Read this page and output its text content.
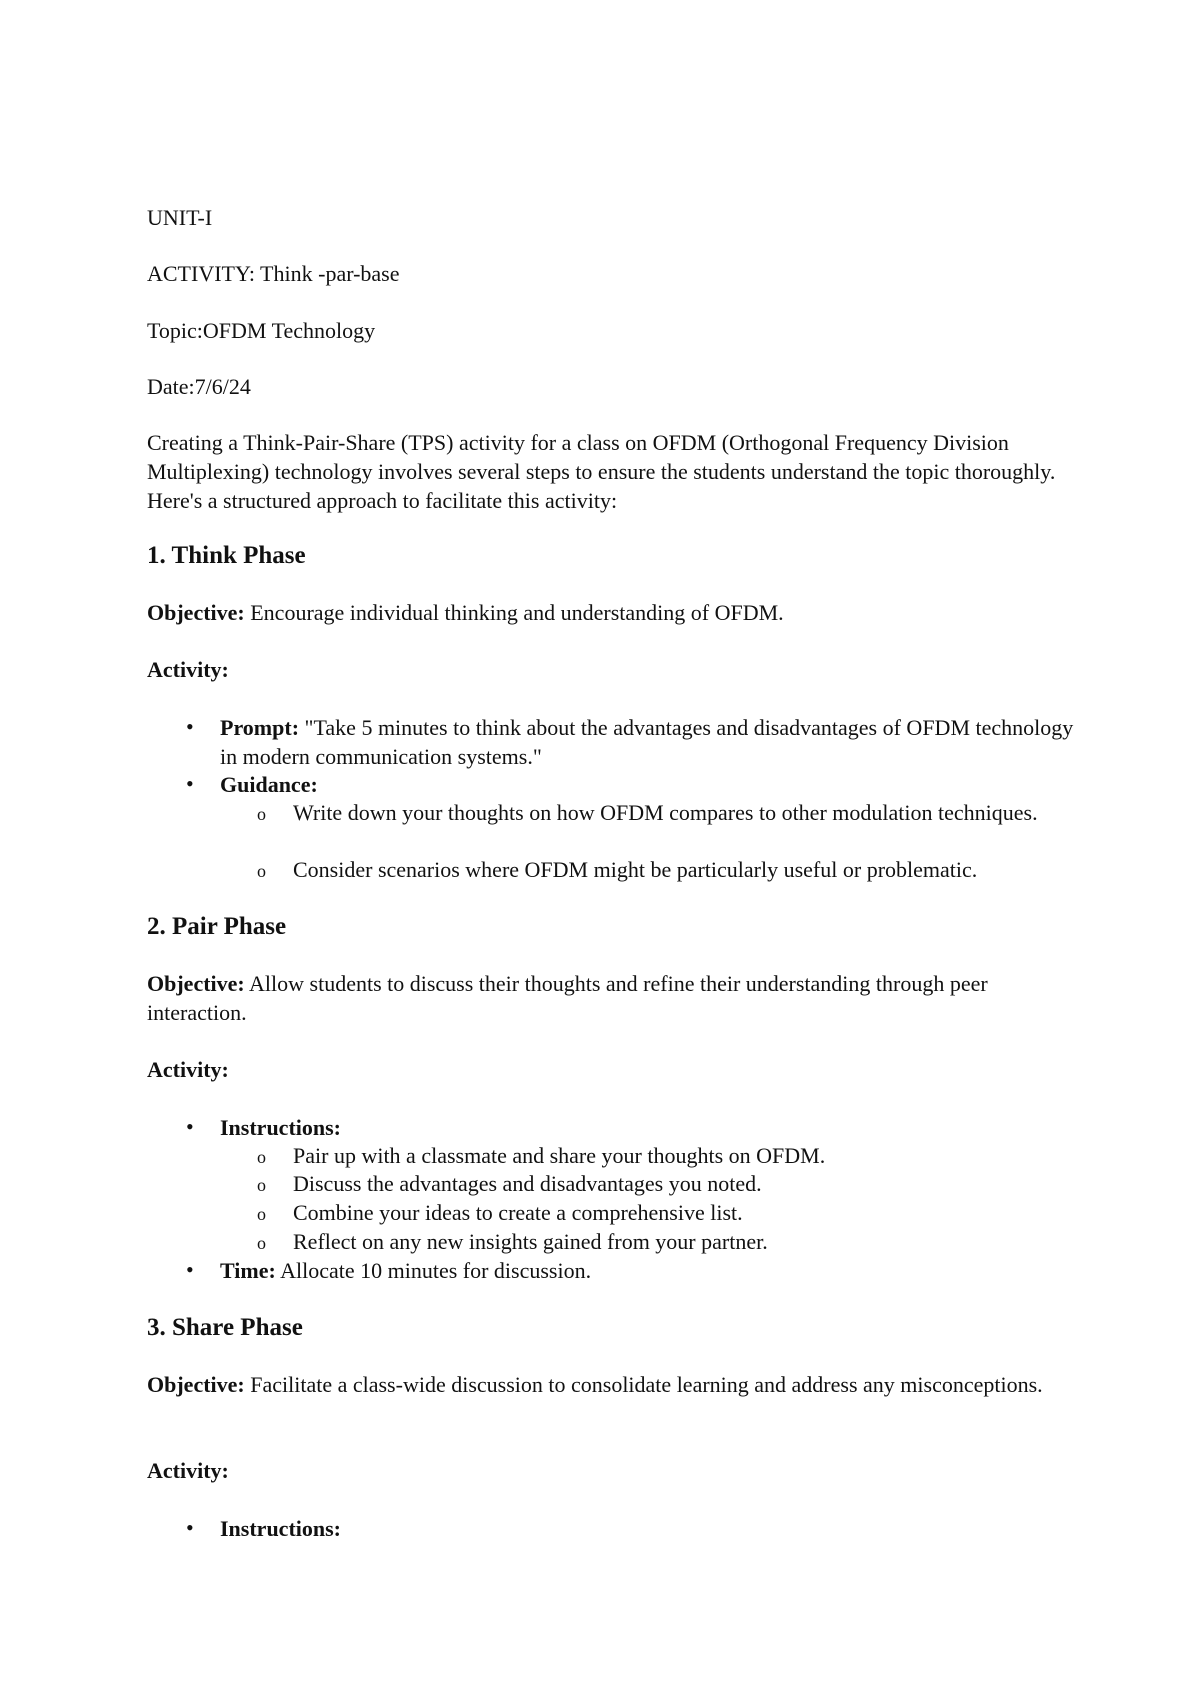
UNIT-I
ACTIVITY: Think -par-base
Topic:OFDM Technology
Date:7/6/24
Creating a Think-Pair-Share (TPS) activity for a class on OFDM (Orthogonal Frequency Division Multiplexing) technology involves several steps to ensure the students understand the topic thoroughly. Here's a structured approach to facilitate this activity:
1. Think Phase
Objective: Encourage individual thinking and understanding of OFDM.
Activity:
• Prompt: "Take 5 minutes to think about the advantages and disadvantages of OFDM technology in modern communication systems."
• Guidance:
o Write down your thoughts on how OFDM compares to other modulation techniques.
o Consider scenarios where OFDM might be particularly useful or problematic.
2. Pair Phase
Objective: Allow students to discuss their thoughts and refine their understanding through peer interaction.
Activity:
• Instructions:
o Pair up with a classmate and share your thoughts on OFDM.
o Discuss the advantages and disadvantages you noted.
o Combine your ideas to create a comprehensive list.
o Reflect on any new insights gained from your partner.
• Time: Allocate 10 minutes for discussion.
3. Share Phase
Objective: Facilitate a class-wide discussion to consolidate learning and address any misconceptions.
Activity:
• Instructions:
